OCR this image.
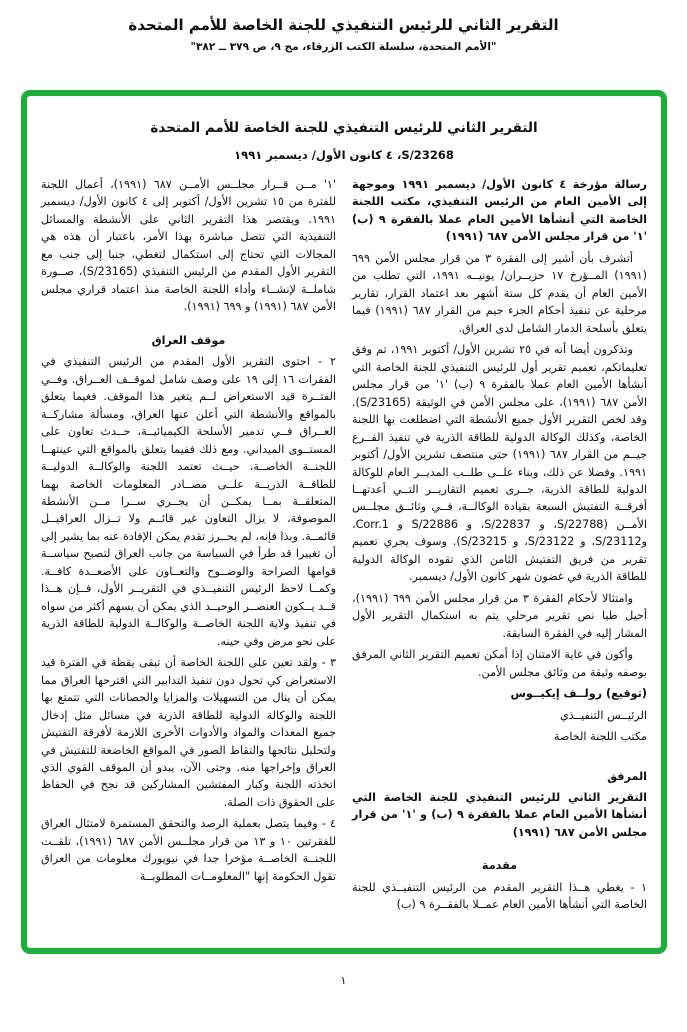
التقرير الثاني للرئيس التنفيذي للجنة الخاصة للأمم المتحدة
"الأمم المتحدة، سلسلة الكتب الزرقاء، مج ٩، ص ٣٧٩ ــ ٣٨٢"
التقرير الثاني للرئيس التنفيذي للجنة الخاصة للأمم المتحدة
S/23268، ٤ كانون الأول/ ديسمبر ١٩٩١

رسالة مؤرخة ٤ كانون الأول/ ديسمبر ١٩٩١ وموجهة إلى الأمين العام من الرئيس التنفيذي، مكتب اللجنة الخاصة التي أنشأها الأمين العام عملا بالفقرة ٩ (ب) '١' من قرار مجلس الأمن ٦٨٧ (١٩٩١)

أتشرف بأن أشير إلى الفقرة ٣ من قرار مجلس الأمن ٦٩٩ (١٩٩١) المــؤرخ ١٧ حزيــران/ يونيــه ١٩٩١، التي تطلب من الأمين العام أن يقدم كل ستة أشهر بعد اعتماد القرار، تقارير مرحلية عن تنفيذ أحكام الجزء جيم من القرار ٦٨٧ (١٩٩١) فيما يتعلق بأسلحة الدمار الشامل لدى العراق.

وتذكرون أيضا أنه في ٢٥ تشرين الأول/ أكتوبر ١٩٩١، تم وفق تعليماتكم، تعميم تقرير أول للرئيس التنفيذي للجنة الخاصة التي أنشأها الأمين العام عملا بالفقرة ٩ (ب) '١' من قرار مجلس الأمن ٦٨٧ (١٩٩١)، على مجلس الأمن في الوثيقة (S/23165). وقد لخص التقرير الأول جميع الأنشطة التي اضطلعت بها اللجنة الخاصة، وكذلك الوكالة الدولية للطاقة الذرية في تنفيذ الفــرع جيــم من القرار ٦٨٧ (١٩٩١) حتى منتصف تشرين الأول/ أكتوبر ١٩٩١. وفضلا عن ذلك، وبناء علــى طلــب المديــر العام للوكالة الدولية للطاقة الذرية، جــرى تعميم التقاريــر التــي أعدتهــا أفرقــة التفتيش السبعة بقيادة الوكالــة، فــي وثائــق مجلــس الأمــن (S/22788، و S/22837، و S/22886 و Corr.1، وS/23112، و S/23122، و S/23215). وسوف يجري تعميم تقرير من فريق التفتيش الثامن الذي تقوده الوكالة الدولية للطاقة الذرية في غضون شهر كانون الأول/ ديسمبر.

وامتثالا لأحكام الفقرة ٣ من قرار مجلس الأمن ٦٩٩ (١٩٩١)، أحيل طيا نص تقرير مرحلي يتم به استكمال التقرير الأول المشار إليه في الفقرة السابقة.

وأكون في غاية الامتنان إذا أمكن تعميم التقرير الثاني المرفق بوصفه وثيقة من وثائق مجلس الأمن.

(توقيع) رولــف إيكيــوس

الرئيــس التنفيــذي

مكتب اللجنة الخاصة

المرفق

التقرير الثاني للرئيس التنفيذي للجنة الخاصة التي أنشأها الأمين العام عملا بالفقرة ٩ (ب) و '١' من قرار مجلس الأمن ٦٨٧ (١٩٩١)

مقدمة

١ - يغطي هــذا التقرير المقدم من الرئيس التنفيــذي للجنة الخاصة التي أنشأها الأمين العام عمــلا بالفقــرة ٩ (ب)

'١' مــن قــرار مجلــس الأمــن ٦٨٧ (١٩٩١)، أعمال اللجنة للفترة من ١٥ تشرين الأول/ أكتوبر إلى ٤ كانون الأول/ ديسمبر ١٩٩١. ويقتصر هذا التقرير الثاني على الأنشطة والمسائل التنفيذية التي تتصل مباشرة بهذا الأمر، باعتبار أن هذه هي المجالات التي تحتاج إلى استكمال لتغطي، جنبا إلى جنب مع التقرير الأول المقدم من الرئيس التنفيذي (S/23165)، صــورة شاملــة لإنشــاء وأداء اللجنة الخاصة منذ اعتماد قراري مجلس الأمن ٦٨٧ (١٩٩١) و ٦٩٩ (١٩٩١).

موقف العراق

٢ - احتوى التقرير الأول المقدم من الرئيس التنفيذي في الفقرات ١٦ إلى ١٩ على وصف شامل لموقــف العــراق. وفــي الفتــرة قيد الاستعراض لــم يتغير هذا الموقف. فغيما يتعلق بالمواقع والأنشطة التي أعلن عنها العراق، ومسألة مشاركــة العــراق فــي تدمير الأسلحة الكيميائيــة، حــدث تعاون على المستــوى الميداني. ومع ذلك ففيما يتعلق بالمواقع التي عينتهــا اللجنــة الخاصــة، حيــث تعتمد اللجنة والوكالــة الدوليــة للطاقــة الذريــة علــى مصــادر المعلومات الخاصة بهما المتعلقــة بمــا يمكــن أن يجــري ســرا مــن الأنشطة الموصوفة، لا يزال التعاون غير قائــم ولا تــزال العراقيــل قائمــة. وبذا فإنه، لم يحــرز تقدم يمكن الإفادة عنه بما يشير إلى أن تغييرا قد طرأ في السياسة من جانب العراق لتصبح سياســة قوامها الصراحة والوضــوح والتعــاون على الأصعــدة كافــة. وكمــا لاحظ الرئيس التنفيــذي في التقريــر الأول، فــإن هــذا قــد يــكون العنصــر الوحيــد الذي يمكن أن يسهم أكثر من سواه في تنفيذ ولاية اللجنة الخاصــة والوكالــة الدولية للطاقة الذرية على نحو مرض وفي حينه.

٣ - ولقد تعين على اللجنة الخاصة أن تبقى يقظة في الفترة قيد الاستعراض كي تحول دون تنفيذ التدابير التي اقترحها العراق مما يمكن أن ينال من التسهيلات والمزايا والحصانات التي تتمتع بها اللجنة والوكالة الدولية للطاقة الذرية في مسائل مثل إدخال جميع المعدات والمواد والأدوات الأخرى اللازمة لأفرقة التفتيش ولتحليل نتائجها والتقاط الصور في المواقع الخاضعة للتفتيش في العراق وإخراجها منه. وحتى الآن، يبدو أن الموقف القوي الذي اتخذته اللجنة وكبار المفتشين المشاركين قد نجح في الحفاظ على الحقوق ذات الصلة.

٤ - وفيما يتصل بعملية الرصد والتحقق المستمرة لامتثال العراق للفقرتين ١٠ و ١٣ من قرار مجلــس الأمن ٦٨٧ (١٩٩١)، تلقــت اللجنــة الخاصــة مؤخرا جدا في نيويورك معلومات من العراق تقول الحكومة إنها "المعلومــات المطلوبــة

١
